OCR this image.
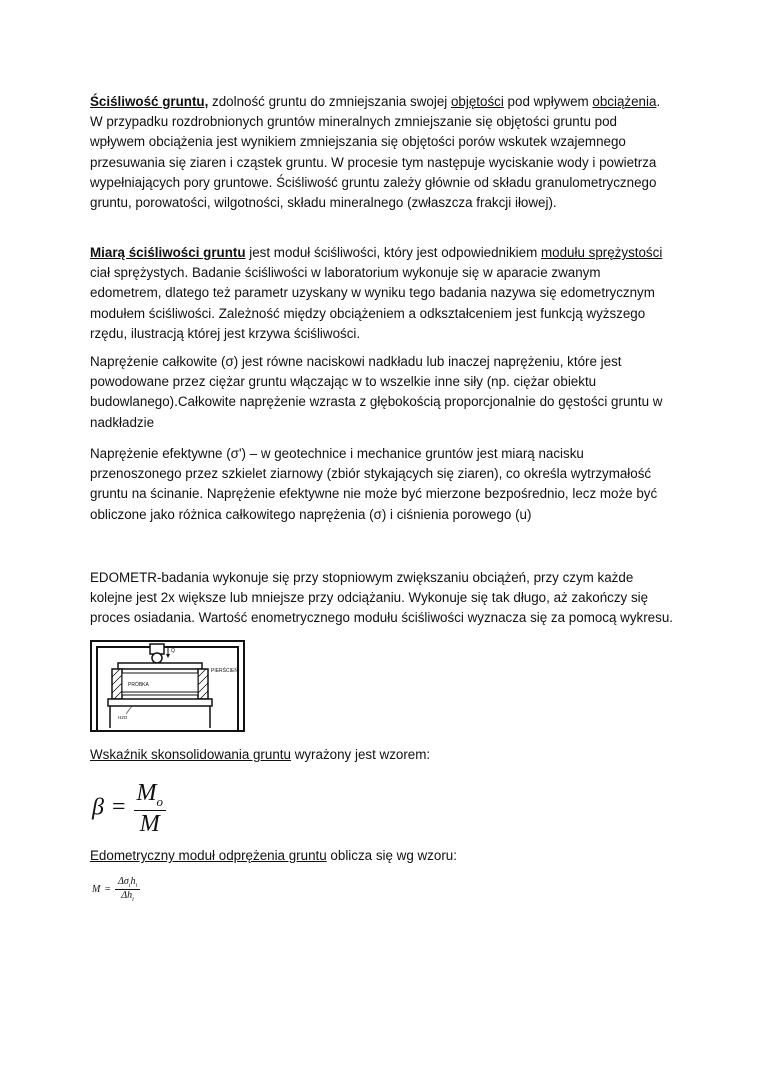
Ściśliwość gruntu, zdolność gruntu do zmniejszania swojej objętości pod wpływem obciążenia. W przypadku rozdrobnionych gruntów mineralnych zmniejszanie się objętości gruntu pod wpływem obciążenia jest wynikiem zmniejszania się objętości porów wskutek wzajemnego przesuwania się ziaren i cząstek gruntu. W procesie tym następuje wyciskanie wody i powietrza wypełniających pory gruntowe. Ściśliwość gruntu zależy głównie od składu granulometrycznego gruntu, porowatości, wilgotności, składu mineralnego (zwłaszcza frakcji iłowej).

Miarą ściśliwości gruntu jest moduł ściśliwości, który jest odpowiednikiem modułu sprężystości ciał sprężystych. Badanie ściśliwości w laboratorium wykonuje się w aparacie zwanym edometrem, dlatego też parametr uzyskany w wyniku tego badania nazywa się edometrycznym modułem ściśliwości. Zależność między obciążeniem a odkształceniem jest funkcją wyższego rzędu, ilustracją której jest krzywa ściśliwości.

Naprężenie całkowite (σ) jest równe naciskowi nadkładu lub inaczej naprężeniu, które jest powodowane przez ciężar gruntu włączając w to wszelkie inne siły (np. ciężar obiektu budowlanego).Całkowite naprężenie wzrasta z głębokością proporcjonalnie do gęstości gruntu w nadkładzie

Naprężenie efektywne (σ') – w geotechnice i mechanice gruntów jest miarą nacisku przenoszonego przez szkielet ziarnowy (zbiór stykających się ziaren), co określa wytrzymałość gruntu na ścinanie. Naprężenie efektywne nie może być mierzone bezpośrednio, lecz może być obliczone jako różnica całkowitego naprężenia (σ) i ciśnienia porowego (u)

EDOMETR-badania wykonuje się przy stopniowym zwiększaniu obciążeń, przy czym każde kolejne jest 2x większe lub mniejsze przy odciążaniu. Wykonuje się tak długo, aż zakończy się proces osiadania. Wartość enometrycznego modułu ściśliwości wyznacza się za pomocą wykresu.

Q
PRÓBKA
PIERŚCIEŃ
H2O

Wskaźnik skonsolidowania gruntu wyrażony jest wzorem:

$\beta = \frac{M_o}{M}$

Edometryczny moduł odprężenia gruntu oblicza się wg wzoru:

$M = \frac{\Delta\sigma_ih_i}{\Delta h_i}$
